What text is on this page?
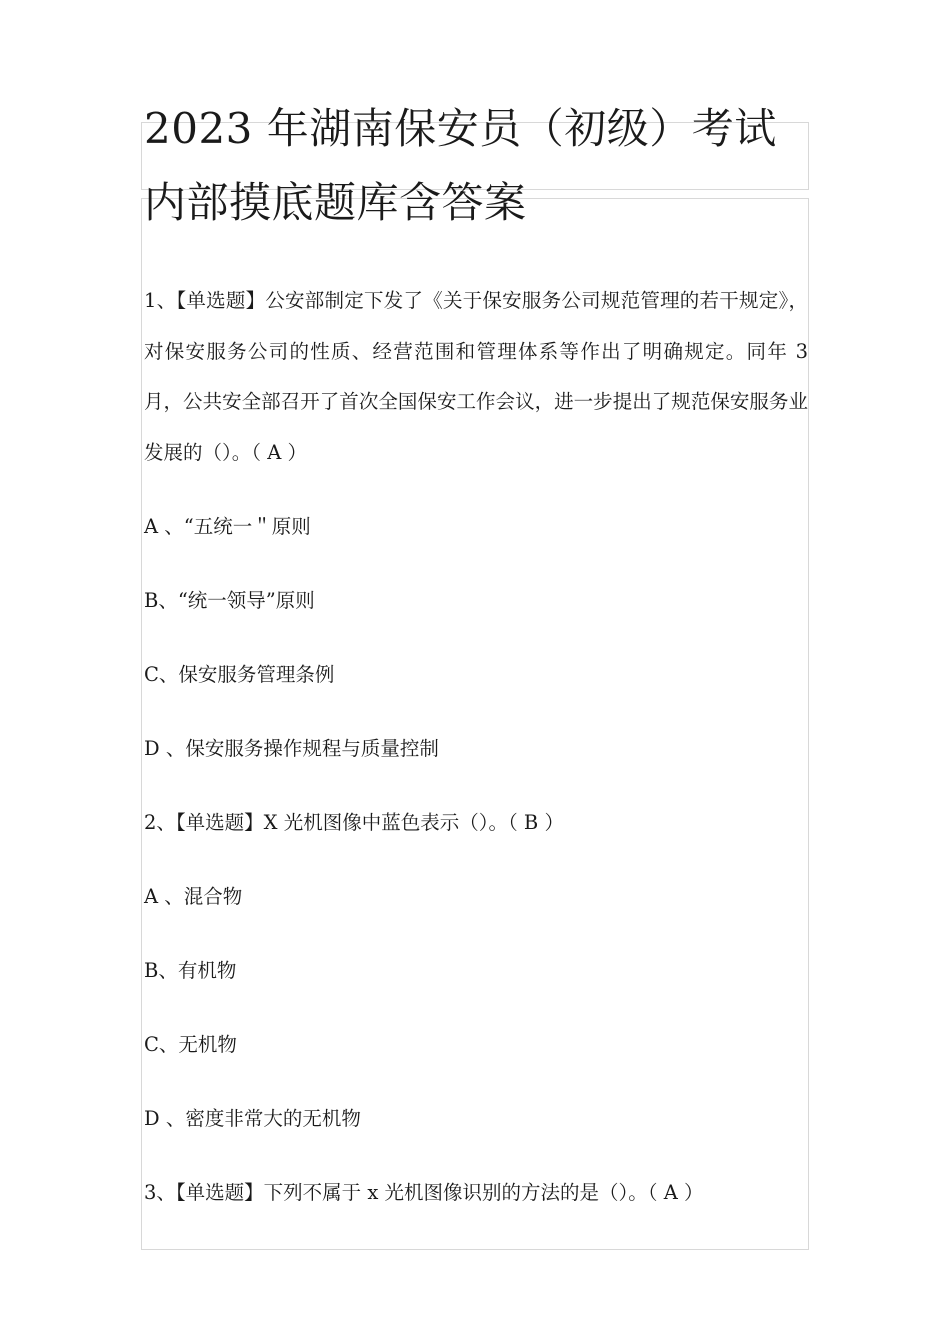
2023 年湖南保安员（初级）考试内部摸底题库含答案

1、【单选题】公安部制定下发了《关于保安服务公司规范管理的若干规定》，对保安服务公司的性质、经营范围和管理体系等作出了明确规定。同年 3 月，公共安全部召开了首次全国保安工作会议，进一步提出了规范保安服务业发展的（）。（ A ）

A 、“五统一＂原则

B、“统一领导”原则

C、保安服务管理条例

D 、保安服务操作规程与质量控制

2、【单选题】X 光机图像中蓝色表示（）。（ B ）

A 、混合物

B、有机物

C、无机物

D 、密度非常大的无机物

3、【单选题】下列不属于 x 光机图像识别的方法的是（）。（ A ）
